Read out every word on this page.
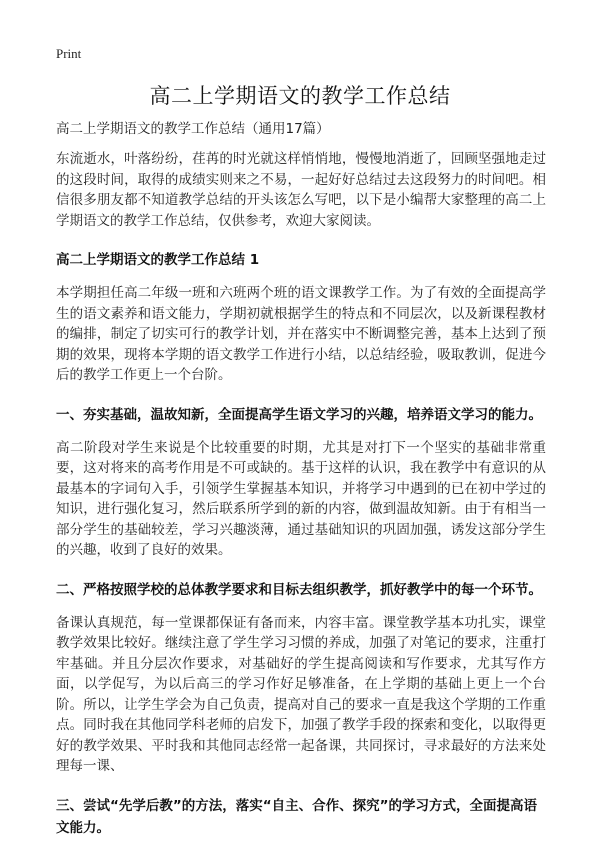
Print
高二上学期语文的教学工作总结
高二上学期语文的教学工作总结（通用17篇）

东流逝水，叶落纷纷，荏苒的时光就这样悄悄地，慢慢地消逝了，回顾坚强地走过的这段时间，取得的成绩实则来之不易，一起好好总结过去这段努力的时间吧。相信很多朋友都不知道教学总结的开头该怎么写吧，以下是小编帮大家整理的高二上学期语文的教学工作总结，仅供参考，欢迎大家阅读。

高二上学期语文的教学工作总结 1

本学期担任高二年级一班和六班两个班的语文课教学工作。为了有效的全面提高学生的语文素养和语文能力，学期初就根据学生的特点和不同层次，以及新课程教材的编排，制定了切实可行的教学计划，并在落实中不断调整完善，基本上达到了预期的效果，现将本学期的语文教学工作进行小结，以总结经验，吸取教训，促进今后的教学工作更上一个台阶。

一、夯实基础，温故知新，全面提高学生语文学习的兴趣，培养语文学习的能力。

高二阶段对学生来说是个比较重要的时期，尤其是对打下一个坚实的基础非常重要，这对将来的高考作用是不可或缺的。基于这样的认识，我在教学中有意识的从最基本的字词句入手，引领学生掌握基本知识，并将学习中遇到的已在初中学过的知识，进行强化复习，然后联系所学到的新的内容，做到温故知新。由于有相当一部分学生的基础较差，学习兴趣淡薄，通过基础知识的巩固加强，诱发这部分学生的兴趣，收到了良好的效果。

二、严格按照学校的总体教学要求和目标去组织教学，抓好教学中的每一个环节。

备课认真规范，每一堂课都保证有备而来，内容丰富。课堂教学基本功扎实，课堂教学效果比较好。继续注意了学生学习习惯的养成，加强了对笔记的要求，注重打牢基础。并且分层次作要求，对基础好的学生提高阅读和写作要求，尤其写作方面，以学促写，为以后高三的学习作好足够准备，在上学期的基础上更上一个台阶。所以，让学生学会为自己负责，提高对自己的要求一直是我这个学期的工作重点。同时我在其他同学科老师的启发下，加强了教学手段的探索和变化，以取得更好的教学效果、平时我和其他同志经常一起备课，共同探讨，寻求最好的方法来处理每一课、

三、尝试“先学后教”的方法，落实“自主、合作、探究”的学习方式，全面提高语文能力。
